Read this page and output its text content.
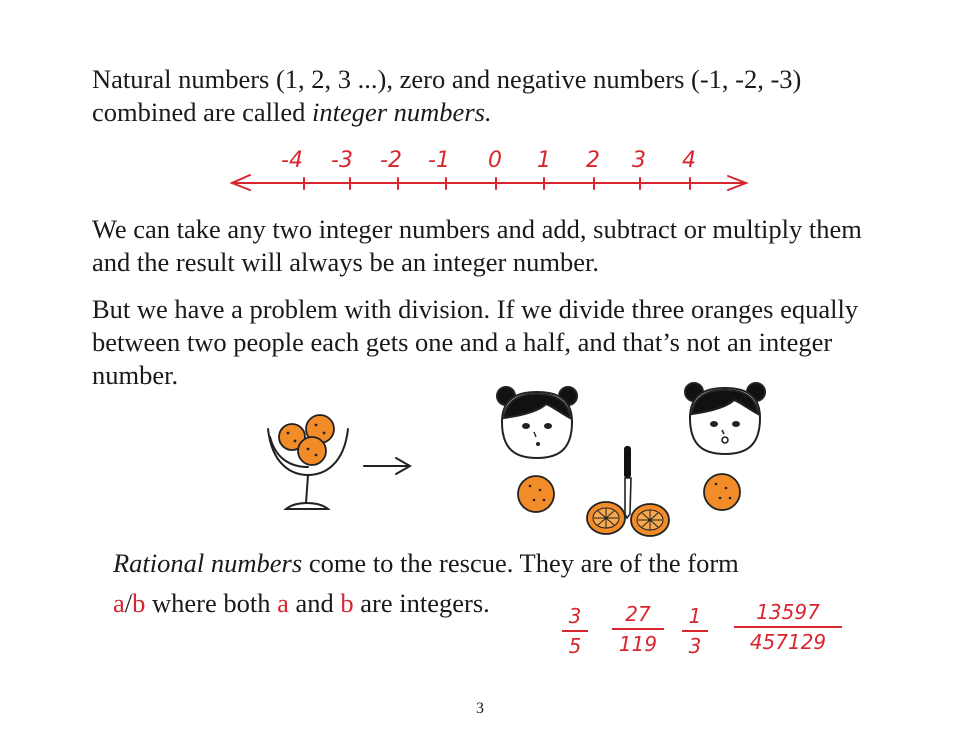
Natural numbers (1, 2, 3 ...), zero and negative numbers (-1, -2, -3) combined are called integer numbers.

-4 -3 -2 -1 0 1 2 3 4

We can take any two integer numbers and add, subtract or multiply them and the result will always be an integer number.

But we have a problem with division. If we divide three oranges equally between two people each gets one and a half, and that’s not an integer number.

Rational numbers come to the rescue. They are of the form
a/b where both a and b are integers.	3
5
27
119
1
3
13597
457129
3
